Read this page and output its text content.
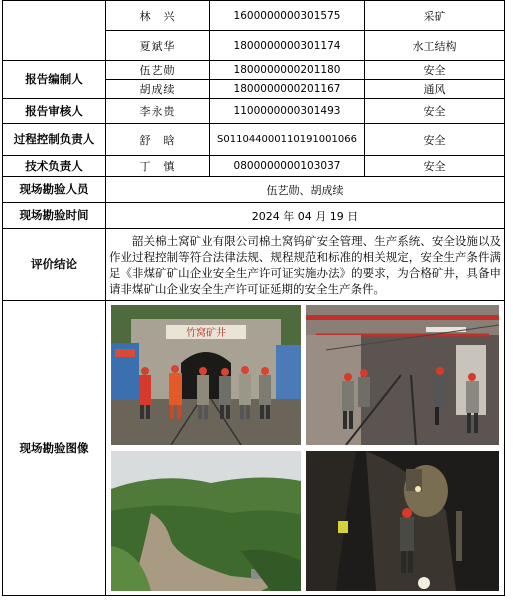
	林　兴	1600000000301575	采矿
	夏斌华	1800000000301174	水工结构
报告编制人	伍艺勋	1800000000201180	安全
	胡成续	1800000000201167	通风
报告审核人	李永贵	1100000000301493	安全
过程控制负责人	舒　晗	S011044000110191001066	安全
技术负责人	丁　慎	0800000000103037	安全
现场勘验人员	伍艺勋、胡成续		
现场勘验时间	2024 年 04 月 19 日		
评价结论	韶关棉土窝矿业有限公司棉土窝钨矿安全管理、生产系统、安全设施以及作业过程控制等符合法律法规、规程规范和标准的相关规定，安全生产条件满足《非煤矿矿山企业安全生产许可证实施办法》的要求，为合格矿井，具备申请非煤矿山企业安全生产许可证延期的安全生产条件。		
现场勘验图像	竹窝矿井		
